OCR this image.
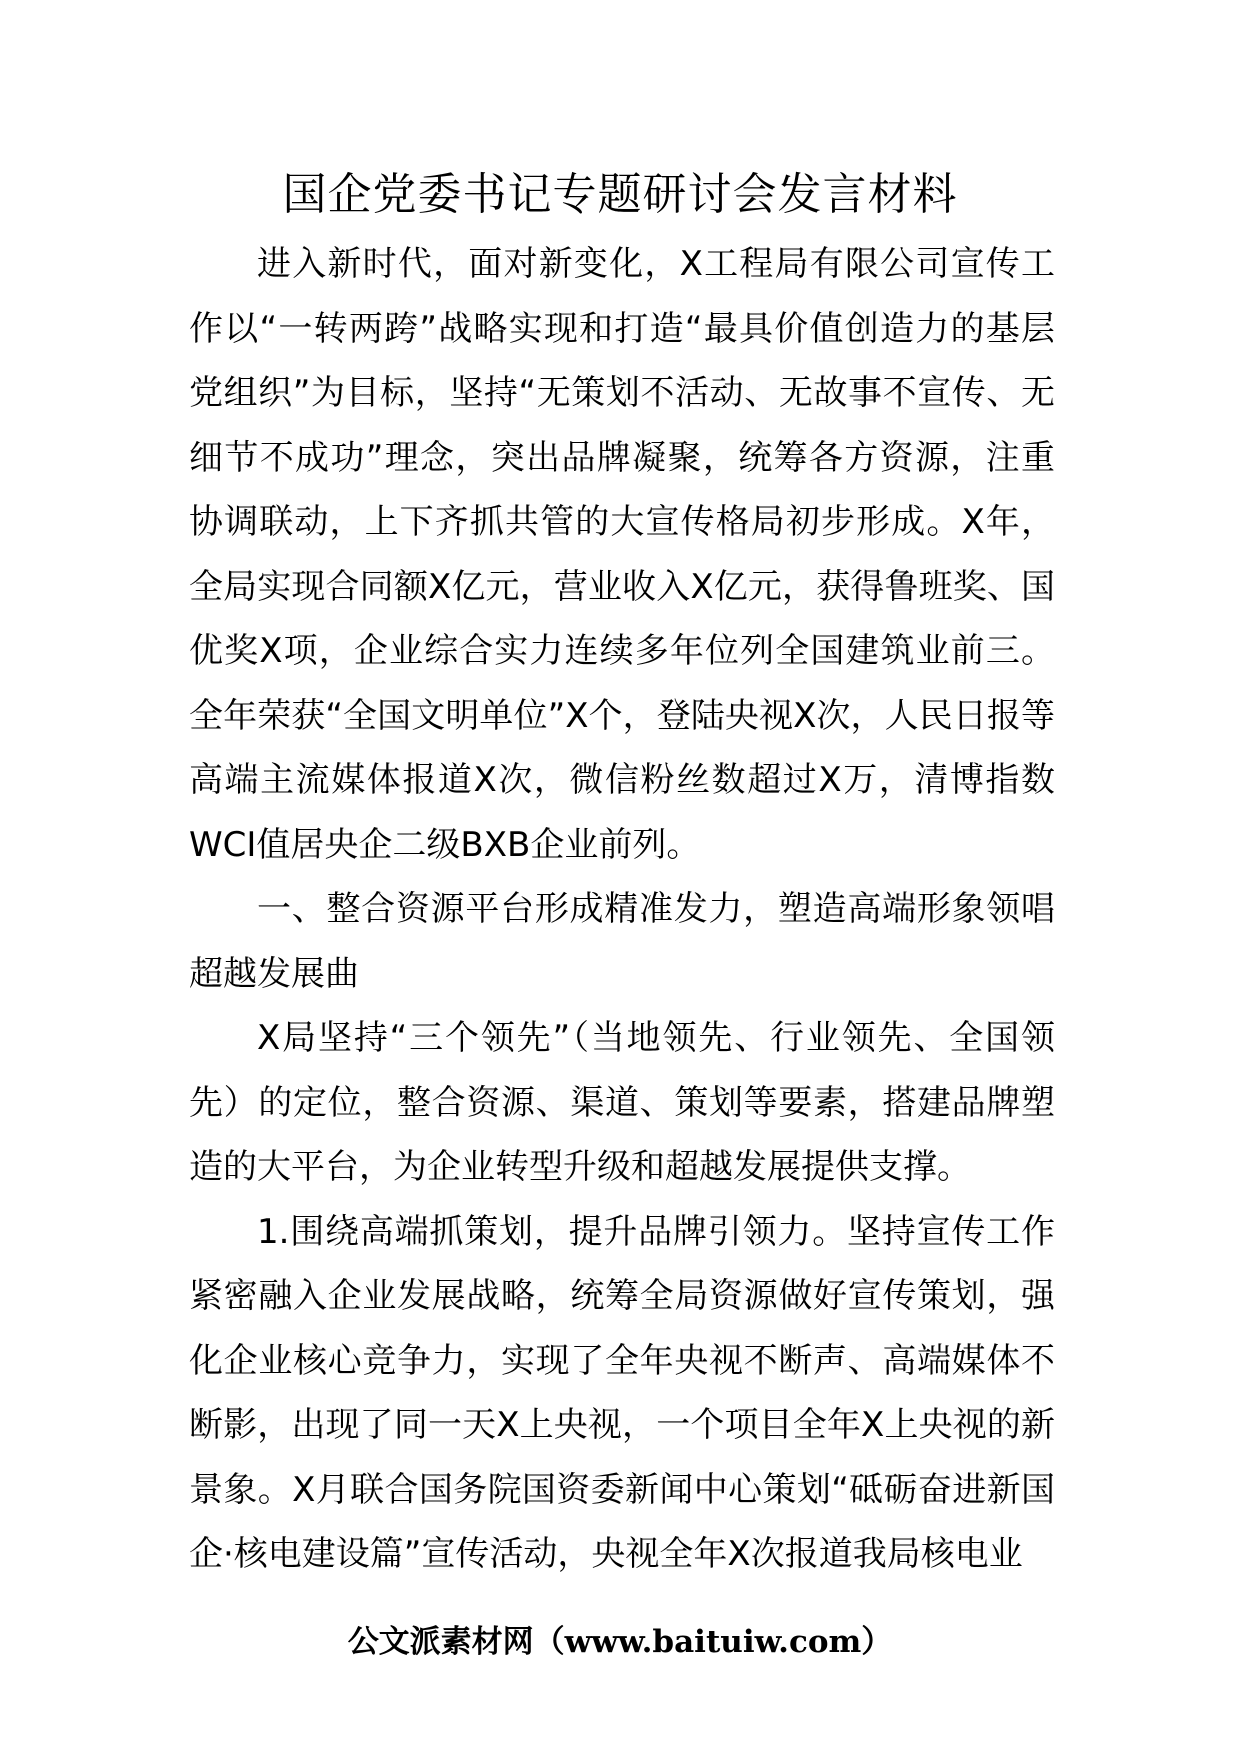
国企党委书记专题研讨会发言材料

进入新时代，面对新变化，X工程局有限公司宣传工作以“一转两跨”战略实现和打造“最具价值创造力的基层党组织”为目标，坚持“无策划不活动、无故事不宣传、无细节不成功”理念，突出品牌凝聚，统筹各方资源，注重协调联动，上下齐抓共管的大宣传格局初步形成。X年，全局实现合同额X亿元，营业收入X亿元，获得鲁班奖、国优奖X项，企业综合实力连续多年位列全国建筑业前三。全年荣获“全国文明单位”X个，登陆央视X次，人民日报等高端主流媒体报道X次，微信粉丝数超过X万，清博指数WCI值居央企二级BXB企业前列。

一、整合资源平台形成精准发力，塑造高端形象领唱超越发展曲

X局坚持“三个领先”（当地领先、行业领先、全国领先）的定位，整合资源、渠道、策划等要素，搭建品牌塑造的大平台，为企业转型升级和超越发展提供支撑。

1.围绕高端抓策划，提升品牌引领力。坚持宣传工作紧密融入企业发展战略，统筹全局资源做好宣传策划，强化企业核心竞争力，实现了全年央视不断声、高端媒体不断影，出现了同一天X上央视，一个项目全年X上央视的新景象。X月联合国务院国资委新闻中心策划“砥砺奋进新国企·核电建设篇”宣传活动，央视全年X次报道我局核电业

公文派素材网（www.baituiw.com）
